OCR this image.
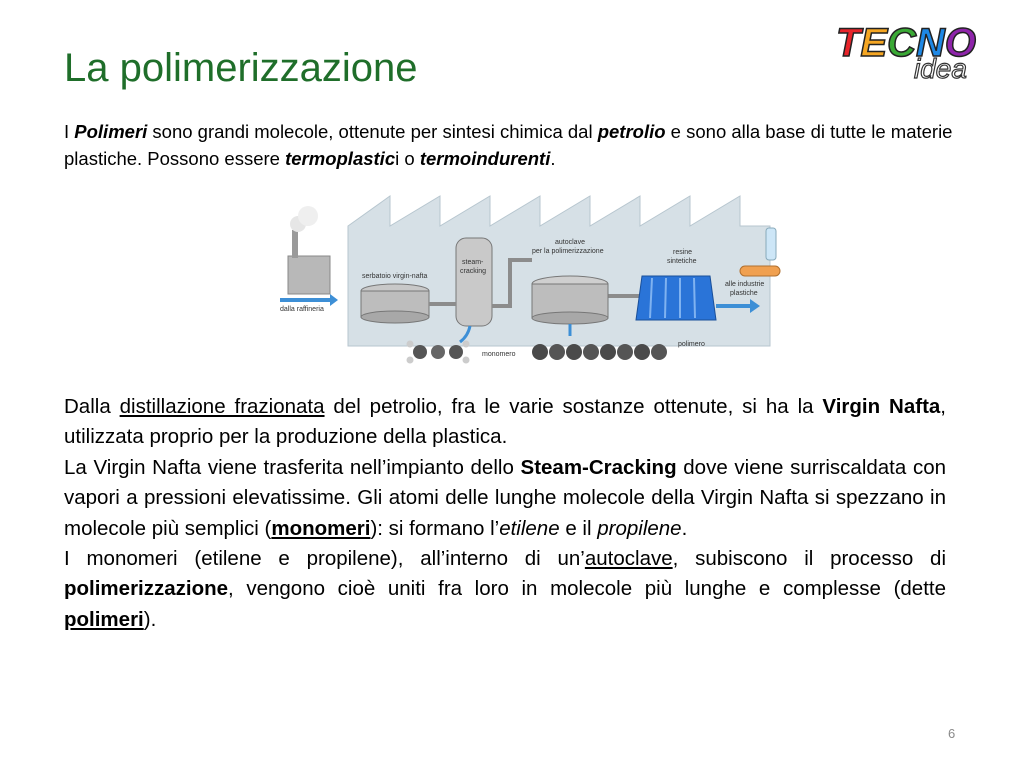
La polimerizzazione
TECNO
idea
I Polimeri sono grandi molecole, ottenute per sintesi chimica dal petrolio e sono alla base di tutte le materie plastiche. Possono essere termoplastici o termoindurenti.
dalla raffineria
serbatoio virgin-nafta
steam-
cracking
autoclave
per la polimerizzazione	resine
sintetiche
alle industrie
plastiche
monomero
polimero

Dalla distillazione frazionata del petrolio, fra le varie sostanze ottenute, si ha la Virgin Nafta, utilizzata proprio per la produzione della plastica.

La Virgin Nafta viene trasferita nell’impianto dello Steam-Cracking dove viene surriscaldata con vapori a pressioni elevatissime. Gli atomi delle lunghe molecole della Virgin Nafta si spezzano in molecole più semplici (monomeri): si formano l’etilene e il propilene.

I monomeri (etilene e propilene), all’interno di un’autoclave, subiscono il processo di polimerizzazione, vengono cioè uniti fra loro in molecole più lunghe e complesse (dette polimeri).

6
